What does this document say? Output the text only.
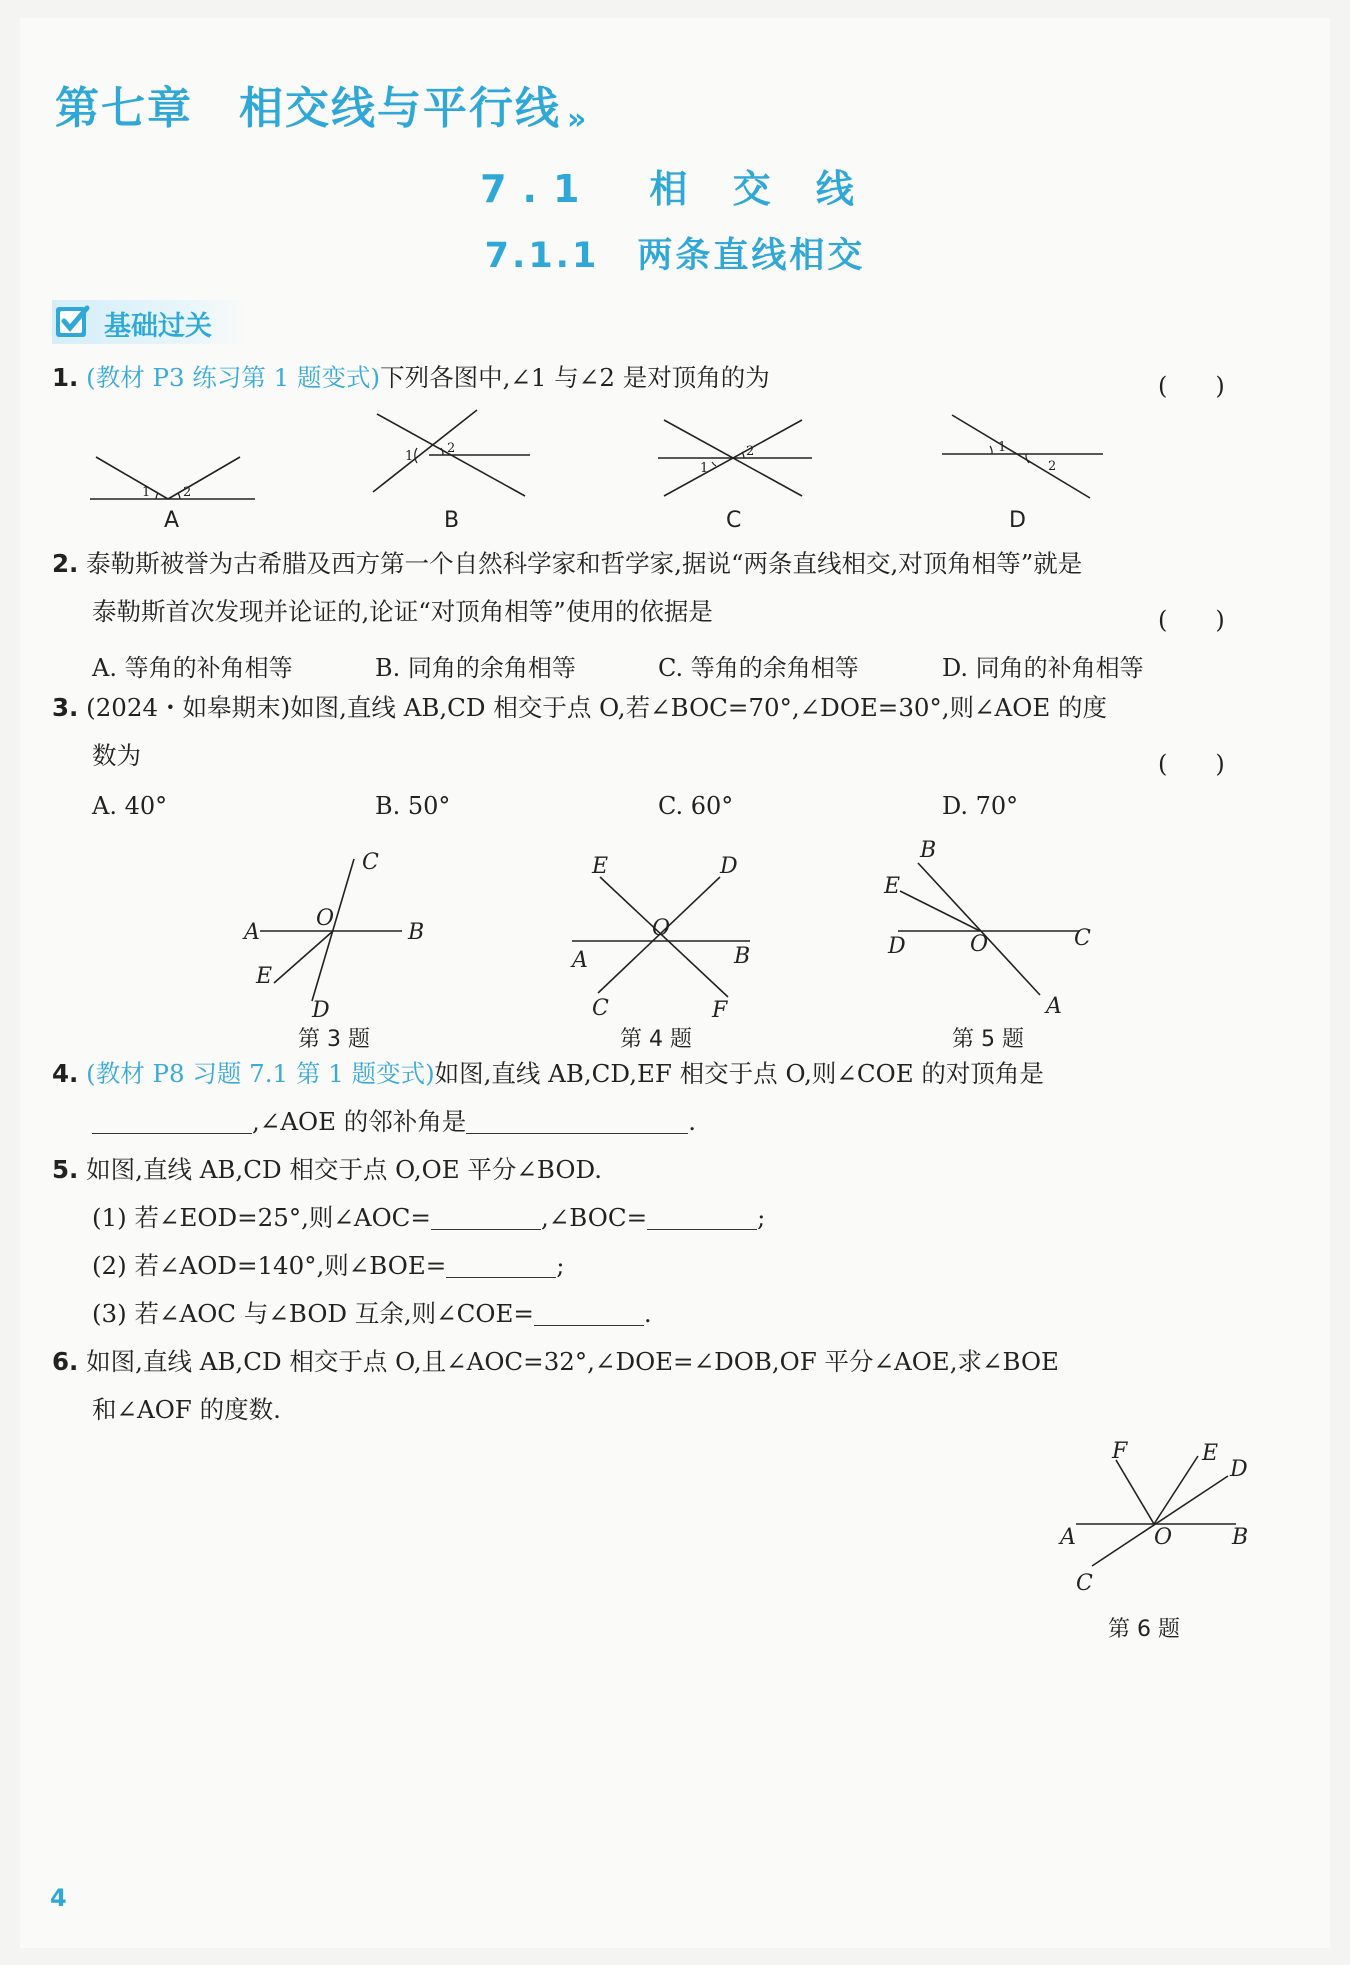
第七章 相交线与平行线 »
7.1　相 交 线
7.1.1　两条直线相交
基础过关
1. (教材 P3 练习第 1 题变式)下列各图中,∠1 与∠2 是对顶角的为	(　　)
1	2
A
1
2
B
1
2
C
1
2
D
2. 泰勒斯被誉为古希腊及西方第一个自然科学家和哲学家,据说“两条直线相交,对顶角相等”就是
泰勒斯首次发现并论证的,论证“对顶角相等”使用的依据是	(　　)
A. 等角的补角相等	B. 同角的余角相等	C. 等角的余角相等	D. 同角的补角相等
3. (2024・如皋期末)如图,直线 AB,CD 相交于点 O,若∠BOC=70°,∠DOE=30°,则∠AOE 的度
数为	(　　)
A. 40°	B. 50°	C. 60°	D. 70°
A	B
C
D
E
O
第 3 题
A	B
C
D
E
F
O
第 4 题
A
B
C
D
E
O
第 5 题
4. (教材 P8 习题 7.1 第 1 题变式)如图,直线 AB,CD,EF 相交于点 O,则∠COE 的对顶角是
,∠AOE 的邻补角是	.
5. 如图,直线 AB,CD 相交于点 O,OE 平分∠BOD.
(1) 若∠EOD=25°,则∠AOC=	,∠BOC=	;
(2) 若∠AOD=140°,则∠BOE=	;
(3) 若∠AOC 与∠BOD 互余,则∠COE=	.
6. 如图,直线 AB,CD 相交于点 O,且∠AOC=32°,∠DOE=∠DOB,OF 平分∠AOE,求∠BOE
和∠AOF 的度数.
A	B
C
D
E
F
O
第 6 题
4
